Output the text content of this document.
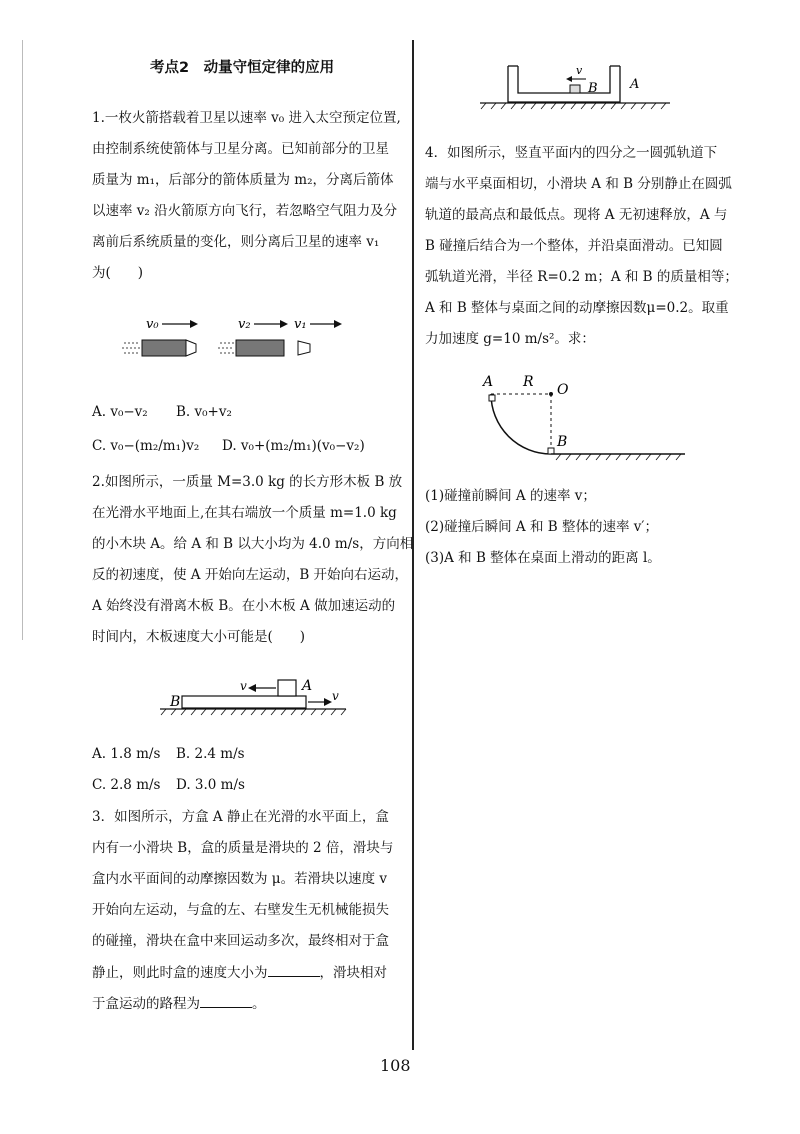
考点2　动量守恒定律的应用
1.一枚火箭搭载着卫星以速率 v₀ 进入太空预定位置,
由控制系统使箭体与卫星分离。已知前部分的卫星
质量为 m₁，后部分的箭体质量为 m₂，分离后箭体
以速率 v₂ 沿火箭原方向飞行，若忽略空气阻力及分
离前后系统质量的变化，则分离后卫星的速率 v₁
为(　　)
v₀	v₂	v₁
A. v₀−v₂ B. v₀+v₂
C. v₀−(m₂/m₁)v₂ D. v₀+(m₂/m₁)(v₀−v₂)
2.如图所示，一质量 M=3.0 kg 的长方形木板 B 放
在光滑水平地面上,在其右端放一个质量 m=1.0 kg
的小木块 A。给 A 和 B 以大小均为 4.0 m/s，方向相
反的初速度，使 A 开始向左运动，B 开始向右运动，
A 始终没有滑离木板 B。在小木板 A 做加速运动的
时间内，木板速度大小可能是(　　)
B
A
v
v
A. 1.8 m/s B. 2.4 m/s
C. 2.8 m/s D. 3.0 m/s
3．如图所示，方盒 A 静止在光滑的水平面上，盒
内有一小滑块 B，盒的质量是滑块的 2 倍，滑块与
盒内水平面间的动摩擦因数为 μ。若滑块以速度 v
开始向左运动，与盒的左、右壁发生无机械能损失
的碰撞，滑块在盒中来回运动多次，最终相对于盒
静止，则此时盒的速度大小为	，滑块相对
于盒运动的路程为	。
v
B A
4．如图所示，竖直平面内的四分之一圆弧轨道下
端与水平桌面相切，小滑块 A 和 B 分别静止在圆弧
轨道的最高点和最低点。现将 A 无初速释放，A 与
B 碰撞后结合为一个整体，并沿桌面滑动。已知圆
弧轨道光滑，半径 R=0.2 m；A 和 B 的质量相等；
A 和 B 整体与桌面之间的动摩擦因数μ=0.2。取重
力加速度 g=10 m/s²。求：
A R O
B
(1)碰撞前瞬间 A 的速率 v；
(2)碰撞后瞬间 A 和 B 整体的速率 v′；
(3)A 和 B 整体在桌面上滑动的距离 l。
108
